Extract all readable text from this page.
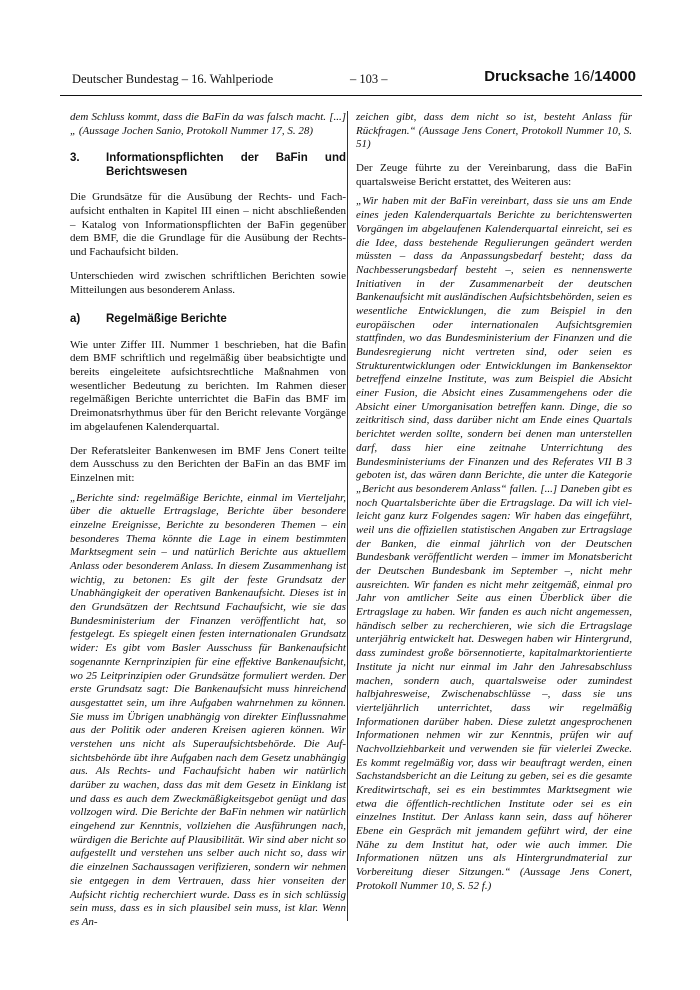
Deutscher Bundestag – 16. Wahlperiode	– 103 –	Drucksache 16/14000

dem Schluss kommt, dass die BaFin da was falsch macht. [...] „ (Aussage Jochen Sanio, Protokoll Nummer 17, S. 28)

3.	Informationspflichten der BaFin und Berichtswesen

Die Grundsätze für die Ausübung der Rechts- und Fachaufsicht enthalten in Kapitel III einen – nicht abschließenden – Katalog von Informationspflichten der BaFin gegenüber dem BMF, die die Grundlage für die Ausübung der Rechts- und Fachaufsicht bilden.

Unterschieden wird zwischen schriftlichen Berichten sowie Mitteilungen aus besonderem Anlass.

a)	Regelmäßige Berichte

Wie unter Ziffer III. Nummer 1 beschrieben, hat die Bafin dem BMF schriftlich und regelmäßig über beabsichtigte und bereits eingeleitete aufsichtsrechtliche Maßnahmen von wesentlicher Bedeutung zu berichten. Im Rahmen dieser regelmäßigen Berichte unterrichtet die BaFin das BMF im Dreimonatsrhythmus über für den Bericht relevante Vorgänge im abgelaufenen Kalenderquartal.

Der Referatsleiter Bankenwesen im BMF Jens Conert teilte dem Ausschuss zu den Berichten der BaFin an das BMF im Einzelnen mit:

„Berichte sind: regelmäßige Berichte, einmal im Vierteljahr, über die aktuelle Ertragslage, Berichte über besondere einzelne Ereignisse, Berichte zu besonderen Themen – ein besonderes Thema könnte die Lage in einem bestimmten Marktsegment sein – und natürlich Berichte aus aktuellem Anlass oder besonderem Anlass. In diesem Zusammenhang ist wichtig, zu betonen: Es gilt der feste Grundsatz der Unabhängigkeit der operativen Bankenaufsicht. Dieses ist in den Grundsätzen der Rechtsund Fachaufsicht, wie sie das Bundesministerium der Finanzen veröffentlicht hat, so festgelegt. Es spiegelt einen festen internationalen Grundsatz wider: Es gibt vom Basler Ausschuss für Bankenaufsicht sogenannte Kernprinzipien für eine effektive Bankenaufsicht, wo 25 Leitprinzipien oder Grundsätze formuliert werden. Der erste Grundsatz sagt: Die Bankenaufsicht muss hinreichend ausgestattet sein, um ihre Aufgaben wahrnehmen zu können. Sie muss im Übrigen unabhängig von direkter Einflussnahme aus der Politik oder anderen Kreisen agieren können. Wir verstehen uns nicht als Superaufsichtsbehörde. Die Aufsichtsbehörde übt ihre Aufgaben nach dem Gesetz unabhängig aus. Als Rechts- und Fachaufsicht haben wir natürlich darüber zu wachen, dass das mit dem Gesetz in Einklang ist und dass es auch dem Zweckmäßigkeitsgebot genügt und das vollzogen wird. Die Berichte der BaFin nehmen wir natürlich eingehend zur Kenntnis, vollziehen die Ausführungen nach, würdigen die Berichte auf Plausibilität. Wir sind aber nicht so aufgestellt und verstehen uns selber auch nicht so, dass wir die einzelnen Sachaussagen verifizieren, sondern wir nehmen sie entgegen in dem Vertrauen, dass hier vonseiten der Aufsicht richtig recherchiert wurde. Dass es in sich schlüssig sein muss, dass es in sich plausibel sein muss, ist klar. Wenn es An-

zeichen gibt, dass dem nicht so ist, besteht Anlass für Rückfragen.“ (Aussage Jens Conert, Protokoll Nummer 10, S. 51)

Der Zeuge führte zu der Vereinbarung, dass die BaFin quartalsweise Bericht erstattet, des Weiteren aus:

„Wir haben mit der BaFin vereinbart, dass sie uns am Ende eines jeden Kalenderquartals Berichte zu berichtenswerten Vorgängen im abgelaufenen Kalenderquartal einreicht, sei es die Idee, dass bestehende Regulierungen geändert werden müssten – dass da Anpassungsbedarf besteht; dass da Nachbesserungsbedarf besteht –, seien es nennenswerte Initiativen in der Zusammenarbeit der deutschen Bankenaufsicht mit ausländischen Aufsichtsbehörden, seien es wesentliche Entwicklungen, die zum Beispiel in den europäischen oder internationalen Aufsichtsgremien stattfinden, wo das Bundesministerium der Finanzen und die Bundesregierung nicht vertreten sind, oder seien es Strukturentwicklungen oder Entwicklungen im Bankensektor betreffend einzelne Institute, was zum Beispiel die Absicht einer Fusion, die Absicht eines Zusammengehens oder die Absicht einer Umorganisation betreffen kann. Dinge, die so zeitkritisch sind, dass darüber nicht am Ende eines Quartals berichtet werden sollte, sondern bei denen man unterstellen darf, dass hier eine zeitnahe Unterrichtung des Bundesministeriums der Finanzen und des Referates VII B 3 geboten ist, das wären dann Berichte, die unter die Kategorie „Bericht aus besonderem Anlass“ fallen. [...] Daneben gibt es noch Quartalsberichte über die Ertragslage. Da will ich vielleicht ganz kurz Folgendes sagen: Wir haben das eingeführt, weil uns die offiziellen statistischen Angaben zur Ertragslage der Banken, die einmal jährlich von der Deutschen Bundesbank veröffentlicht werden – immer im Monatsbericht der Deutschen Bundesbank im September –, nicht mehr ausreichten. Wir fanden es nicht mehr zeitgemäß, einmal pro Jahr von amtlicher Seite aus einen Überblick über die Ertragslage zu haben. Wir fanden es auch nicht angemessen, händisch selber zu recherchieren, wie sich die Ertragslage unterjährig entwickelt hat. Deswegen haben wir Hintergrund, dass zumindest große börsennotierte, kapitalmarktorientierte Institute ja nicht nur einmal im Jahr den Jahresabschluss machen, sondern auch, quartalsweise oder zumindest halbjahresweise, Zwischenabschlüsse –, dass sie uns vierteljährlich unterrichtet, dass wir regelmäßig Informationen darüber haben. Diese zuletzt angesprochenen Informationen nehmen wir zur Kenntnis, prüfen wir auf Nachvollziehbarkeit und verwenden sie für vielerlei Zwecke. Es kommt regelmäßig vor, dass wir beauftragt werden, einen Sachstandsbericht an die Leitung zu geben, sei es die gesamte Kreditwirtschaft, sei es ein bestimmtes Marktsegment wie etwa die öffentlich-rechtlichen Institute oder sei es ein einzelnes Institut. Der Anlass kann sein, dass auf höherer Ebene ein Gespräch mit jemandem geführt wird, der eine Nähe zu dem Institut hat, oder wie auch immer. Die Informationen nützen uns als Hintergrundmaterial zur Vorbereitung dieser Sitzungen.“ (Aussage Jens Conert, Protokoll Nummer 10, S. 52 f.)
